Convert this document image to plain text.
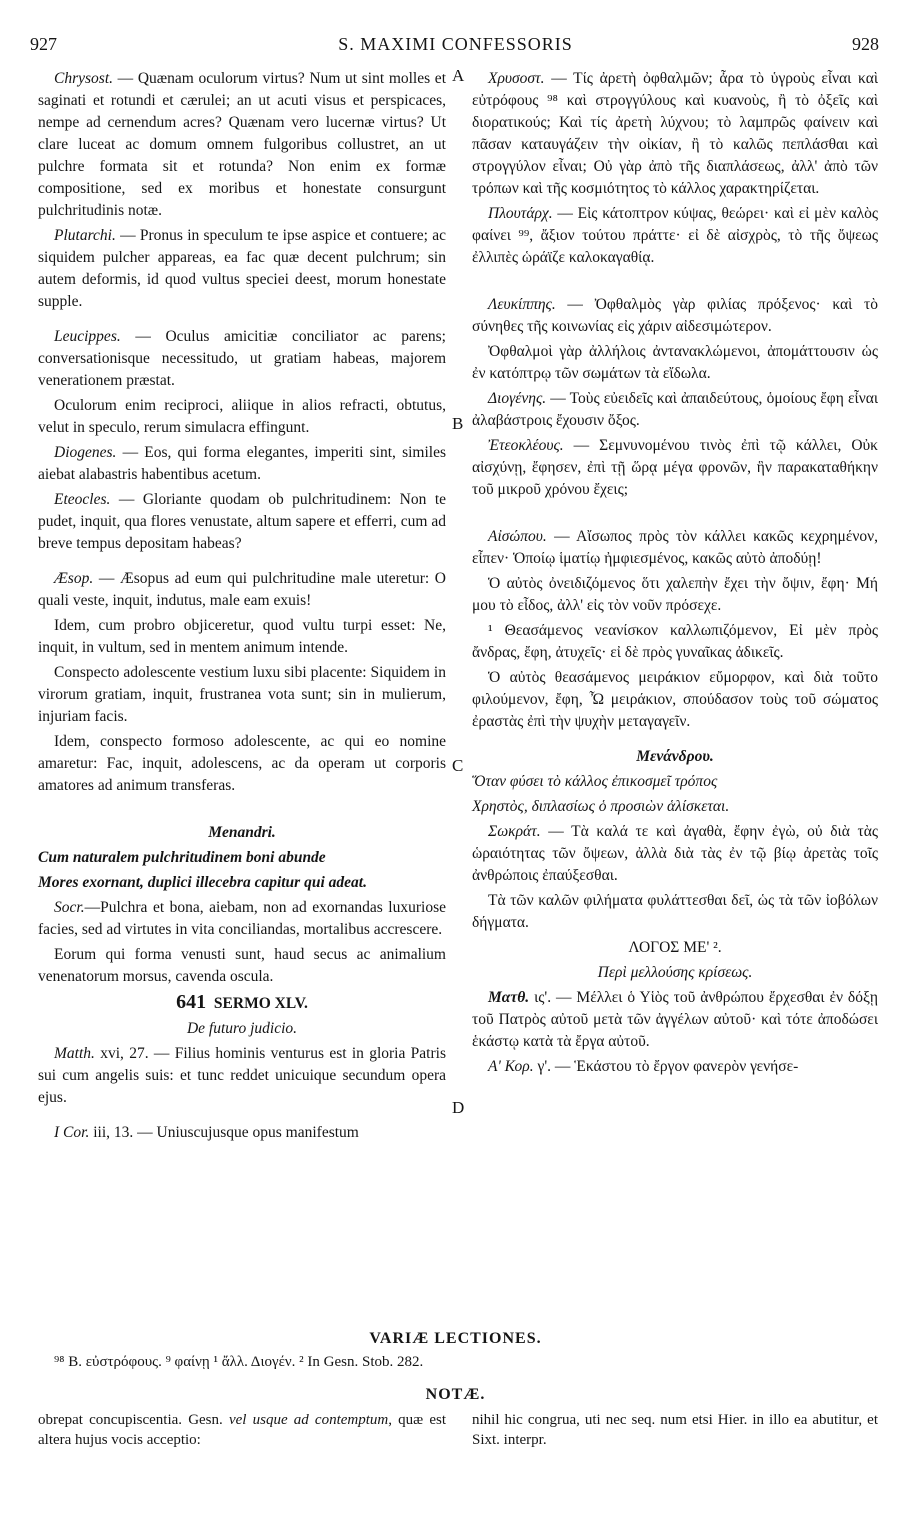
927	S. MAXIMI CONFESSORIS	928
A
B
C
D

Chrysost. — Quænam oculorum virtus? Num ut sint molles et saginati et rotundi et cærulei; an ut acuti visus et perspicaces, nempe ad cernendum acres? Quænam vero lucernæ virtus? Ut clare luceat ac domum omnem fulgoribus collustret, an ut pulchre formata sit et rotunda? Non enim ex formæ compositione, sed ex moribus et honestate consurgunt pulchritudinis notæ.

Plutarchi. — Pronus in speculum te ipse aspice et contuere; ac siquidem pulcher appareas, ea fac quæ decent pulchrum; sin autem deformis, id quod vultus speciei deest, morum honestate supple.

Leucippes. — Oculus amicitiæ conciliator ac parens; conversationisque necessitudo, ut gratiam habeas, majorem venerationem præstat.

Oculorum enim reciproci, aliique in alios refracti, obtutus, velut in speculo, rerum simulacra effingunt.

Diogenes. — Eos, qui forma elegantes, imperiti sint, similes aiebat alabastris habentibus acetum.

Eteocles. — Gloriante quodam ob pulchritudinem: Non te pudet, inquit, qua flores venustate, altum sapere et efferri, cum ad breve tempus depositam habeas?

Æsop. — Æsopus ad eum qui pulchritudine male uteretur: O quali veste, inquit, indutus, male eam exuis!

Idem, cum probro objiceretur, quod vultu turpi esset: Ne, inquit, in vultum, sed in mentem animum intende.

Conspecto adolescente vestium luxu sibi placente: Siquidem in virorum gratiam, inquit, frustranea vota sunt; sin in mulierum, injuriam facis.

Idem, conspecto formoso adolescente, ac qui eo nomine amaretur: Fac, inquit, adolescens, ac da operam ut corporis amatores ad animum transferas.

Menandri.

Cum naturalem pulchritudinem boni abunde

Mores exornant, duplici illecebra capitur qui adeat.

Socr.—Pulchra et bona, aiebam, non ad exornandas luxuriose facies, sed ad virtutes in vita conciliandas, mortalibus accrescere.

Eorum qui forma venusti sunt, haud secus ac animalium venenatorum morsus, cavenda oscula.

641 SERMO XLV.

De futuro judicio.

Matth. xvi, 27. — Filius hominis venturus est in gloria Patris sui cum angelis suis: et tunc reddet unicuique secundum opera ejus.

I Cor. iii, 13. — Uniuscujusque opus manifestum

Χρυσοστ. — Τίς ἀρετὴ ὀφθαλμῶν; ἆρα τὸ ὑγροὺς εἶναι καὶ εὐτρόφους ⁹⁸ καὶ στρογγύλους καὶ κυανοὺς, ἢ τὸ ὀξεῖς καὶ διορατικούς; Καὶ τίς ἀρετὴ λύχνου; τὸ λαμπρῶς φαίνειν καὶ πᾶσαν καταυγάζειν τὴν οἰκίαν, ἢ τὸ καλῶς πεπλάσθαι καὶ στρογγύλον εἶναι; Οὐ γὰρ ἀπὸ τῆς διαπλάσεως, ἀλλ' ἀπὸ τῶν τρόπων καὶ τῆς κοσμιότητος τὸ κάλλος χαρακτηρίζεται.

Πλουτάρχ. — Εἰς κάτοπτρον κύψας, θεώρει· καὶ εἰ μὲν καλὸς φαίνει ⁹⁹, ἄξιον τούτου πράττε· εἰ δὲ αἰσχρὸς, τὸ τῆς ὄψεως ἐλλιπὲς ὡράϊζε καλοκαγαθίᾳ.

Λευκίππης. — Ὀφθαλμὸς γὰρ φιλίας πρόξενος· καὶ τὸ σύνηθες τῆς κοινωνίας εἰς χάριν αἰδεσιμώτερον.

Ὀφθαλμοὶ γὰρ ἀλλήλοις ἀντανακλώμενοι, ἀπομάττουσιν ὡς ἐν κατόπτρῳ τῶν σωμάτων τὰ εἴδωλα.

Διογένης. — Τοὺς εὐειδεῖς καὶ ἀπαιδεύτους, ὁμοίους ἔφη εἶναι ἀλαβάστροις ἔχουσιν ὄξος.

Ἐτεοκλέους. — Σεμνυνομένου τινὸς ἐπὶ τῷ κάλλει, Οὐκ αἰσχύνῃ, ἔφησεν, ἐπὶ τῇ ὥρᾳ μέγα φρονῶν, ἣν παρακαταθήκην τοῦ μικροῦ χρόνου ἔχεις;

Αἰσώπου. — Αἴσωπος πρὸς τὸν κάλλει κακῶς κεχρημένον, εἶπεν· Ὁποίῳ ἱματίῳ ἠμφιεσμένος, κακῶς αὐτὸ ἀποδύῃ!

Ὁ αὐτὸς ὀνειδιζόμενος ὅτι χαλεπὴν ἔχει τὴν ὄψιν, ἔφη· Μή μου τὸ εἶδος, ἀλλ' εἰς τὸν νοῦν πρόσεχε.

¹ Θεασάμενος νεανίσκον καλλωπιζόμενον, Εἰ μὲν πρὸς ἄνδρας, ἔφη, ἀτυχεῖς· εἰ δὲ πρὸς γυναῖκας ἀδικεῖς.

Ὁ αὐτὸς θεασάμενος μειράκιον εὔμορφον, καὶ διὰ τοῦτο φιλούμενον, ἔφη, Ὦ μειράκιον, σπούδασον τοὺς τοῦ σώματος ἐραστὰς ἐπὶ τὴν ψυχὴν μεταγαγεῖν.

Μενάνδρου.

Ὅταν φύσει τὸ κάλλος ἐπικοσμεῖ τρόπος

Χρηστὸς, διπλασίως ὁ προσιὼν ἁλίσκεται.

Σωκράτ. — Τὰ καλά τε καὶ ἀγαθὰ, ἔφην ἐγὼ, οὐ διὰ τὰς ὡραιότητας τῶν ὄψεων, ἀλλὰ διὰ τὰς ἐν τῷ βίῳ ἀρετὰς τοῖς ἀνθρώποις ἐπαύξεσθαι.

Τὰ τῶν καλῶν φιλήματα φυλάττεσθαι δεῖ, ὡς τὰ τῶν ἰοβόλων δήγματα.

ΛΟΓΟΣ ΜΕ' ².

Περὶ μελλούσης κρίσεως.

Ματθ. ις'. — Μέλλει ὁ Υἱὸς τοῦ ἀνθρώπου ἔρχεσθαι ἐν δόξῃ τοῦ Πατρὸς αὐτοῦ μετὰ τῶν ἀγγέλων αὐτοῦ· καὶ τότε ἀποδώσει ἑκάστῳ κατὰ τὰ ἔργα αὐτοῦ.

Α' Κορ. γ'. — Ἑκάστου τὸ ἔργον φανερὸν γενήσε-

VARIÆ LECTIONES.
⁹⁸ B. εὐστρόφους. ⁹ φαίνῃ ¹ ἄλλ. Διογέν. ² In Gesn. Stob. 282.
NOTÆ.
obrepat concupiscentia. Gesn. vel usque ad contemptum, quæ est altera hujus vocis acceptio:
nihil hic congrua, uti nec seq. num etsi Hier. in illo ea abutitur, et Sixt. interpr.
